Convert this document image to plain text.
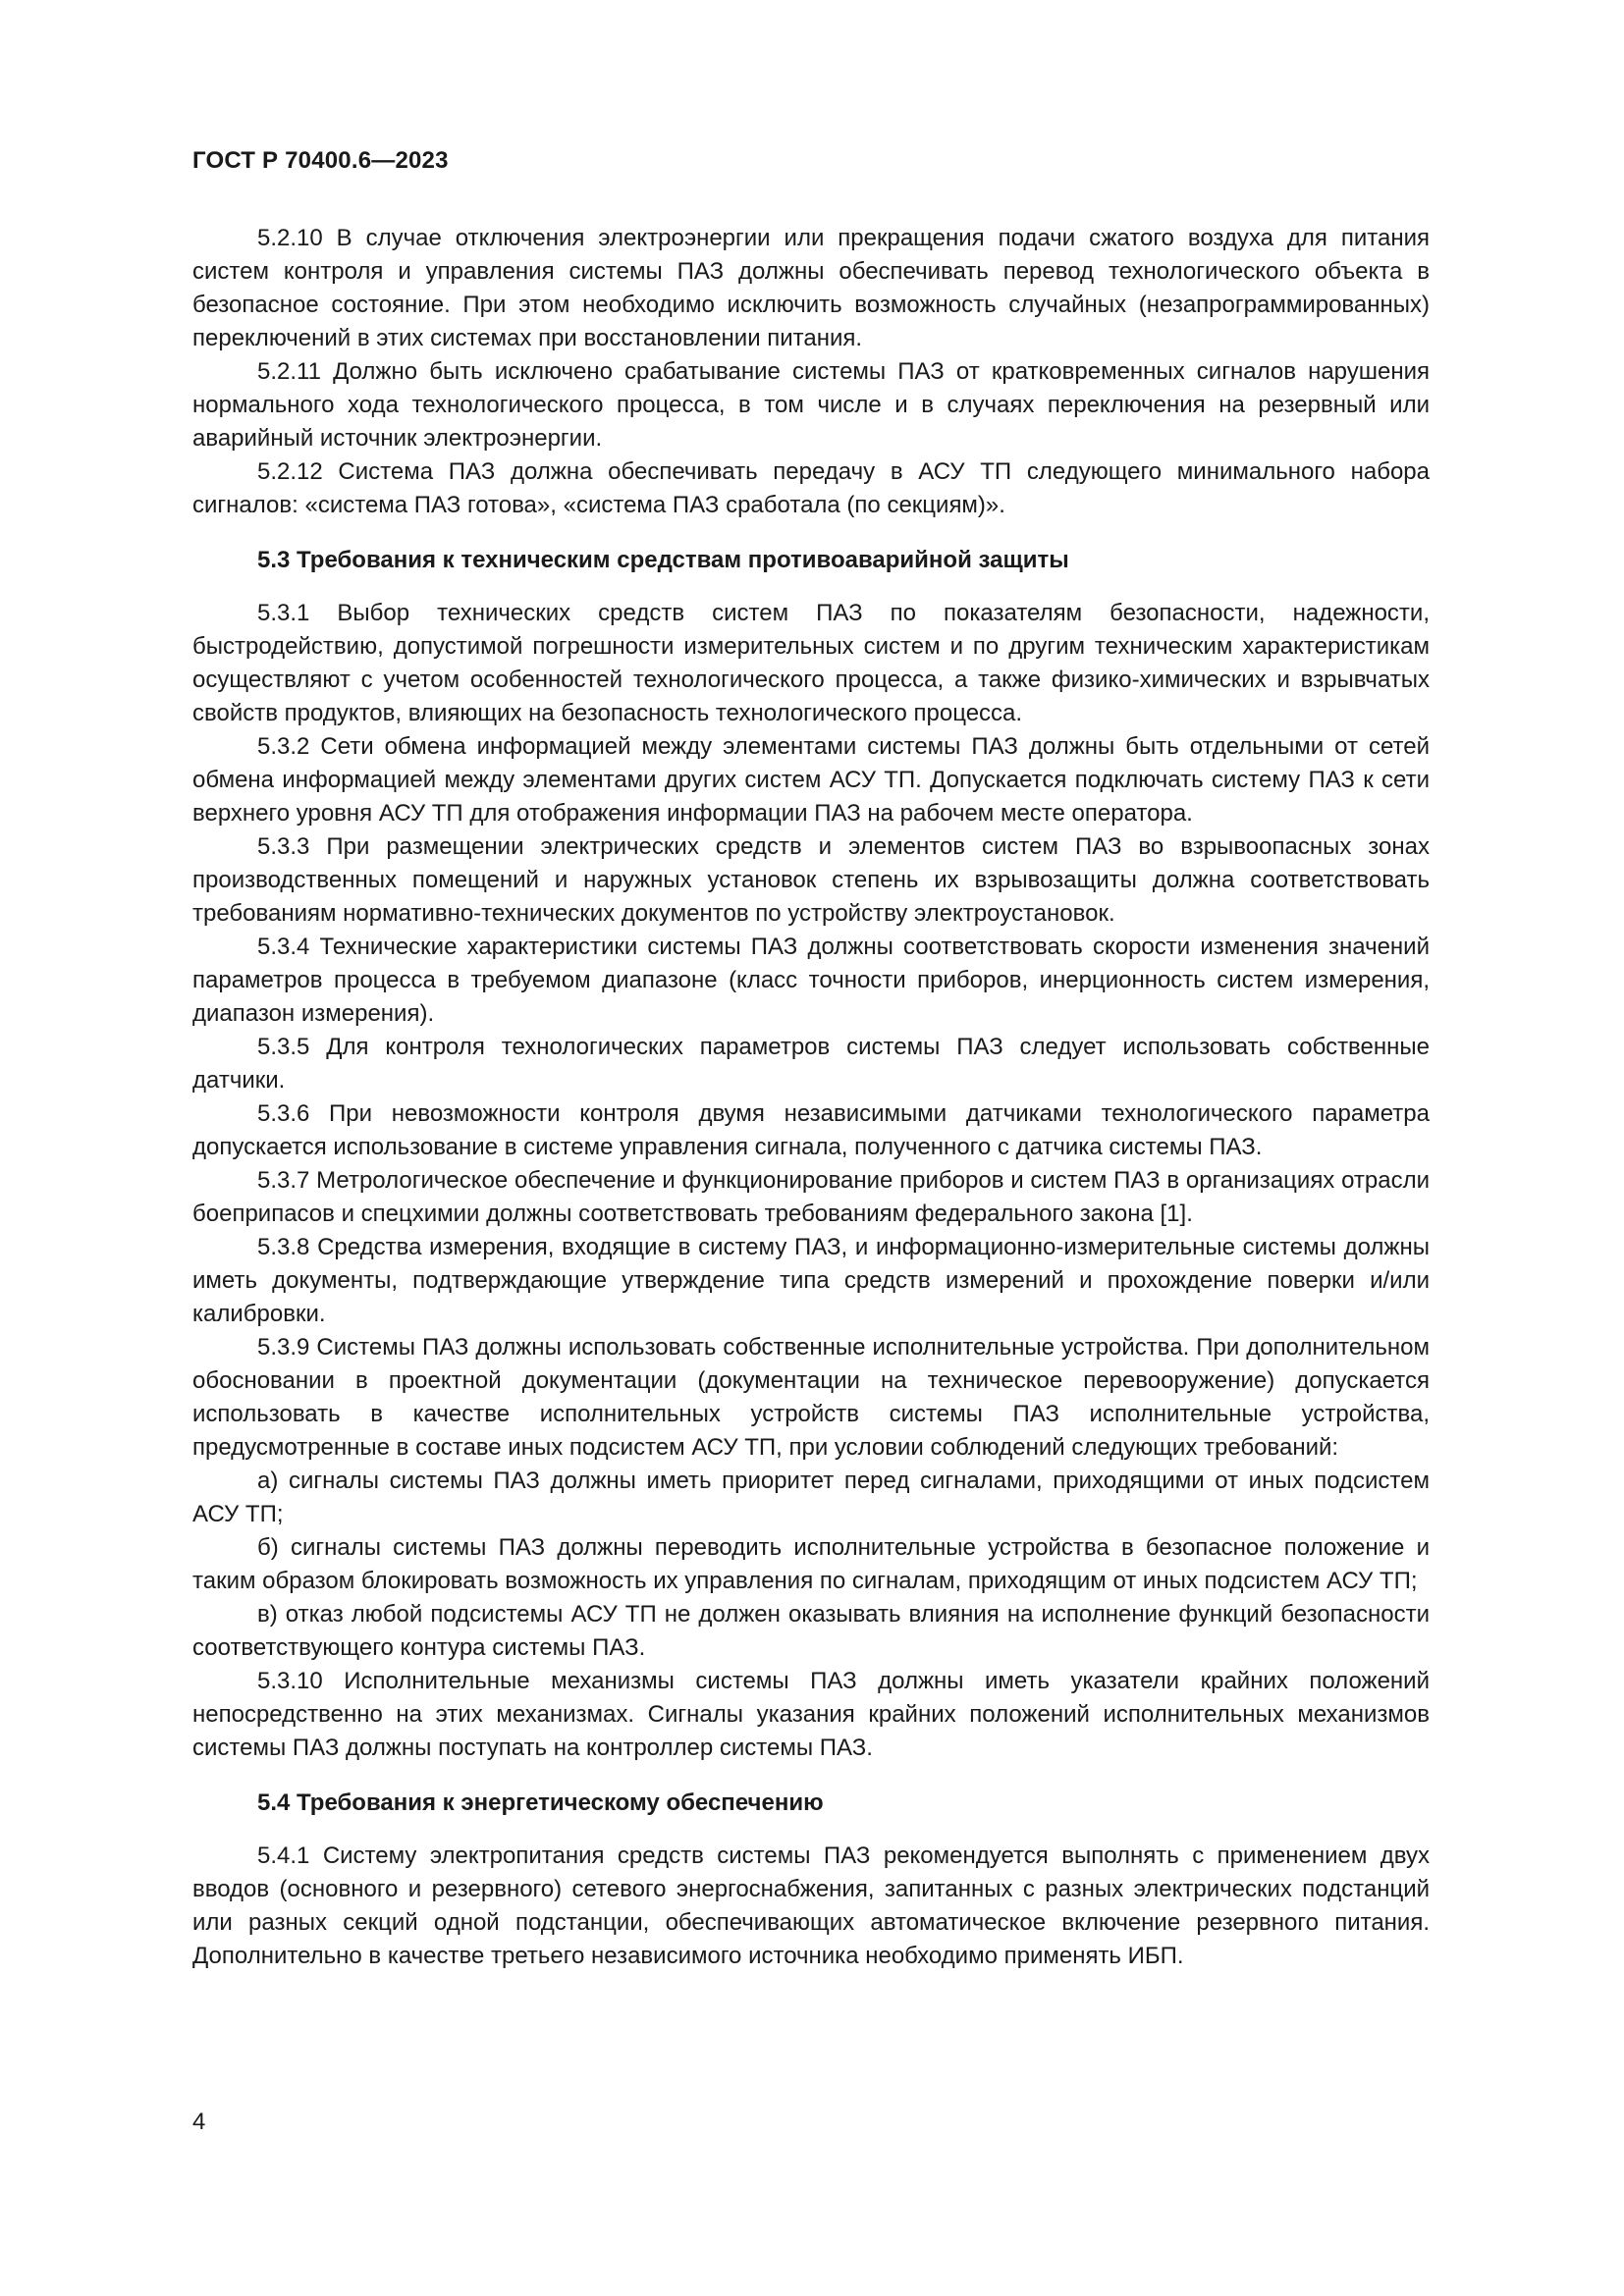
ГОСТ Р 70400.6—2023

5.2.10 В случае отключения электроэнергии или прекращения подачи сжатого воздуха для питания систем контроля и управления системы ПАЗ должны обеспечивать перевод технологического объекта в безопасное состояние. При этом необходимо исключить возможность случайных (незапрограммированных) переключений в этих системах при восстановлении питания.

5.2.11 Должно быть исключено срабатывание системы ПАЗ от кратковременных сигналов нарушения нормального хода технологического процесса, в том числе и в случаях переключения на резервный или аварийный источник электроэнергии.

5.2.12 Система ПАЗ должна обеспечивать передачу в АСУ ТП следующего минимального набора сигналов: «система ПАЗ готова», «система ПАЗ сработала (по секциям)».

5.3 Требования к техническим средствам противоаварийной защиты

5.3.1 Выбор технических средств систем ПАЗ по показателям безопасности, надежности, быстродействию, допустимой погрешности измерительных систем и по другим техническим характеристикам осуществляют с учетом особенностей технологического процесса, а также физико-химических и взрывчатых свойств продуктов, влияющих на безопасность технологического процесса.

5.3.2 Сети обмена информацией между элементами системы ПАЗ должны быть отдельными от сетей обмена информацией между элементами других систем АСУ ТП. Допускается подключать систему ПАЗ к сети верхнего уровня АСУ ТП для отображения информации ПАЗ на рабочем месте оператора.

5.3.3 При размещении электрических средств и элементов систем ПАЗ во взрывоопасных зонах производственных помещений и наружных установок степень их взрывозащиты должна соответствовать требованиям нормативно-технических документов по устройству электроустановок.

5.3.4 Технические характеристики системы ПАЗ должны соответствовать скорости изменения значений параметров процесса в требуемом диапазоне (класс точности приборов, инерционность систем измерения, диапазон измерения).

5.3.5 Для контроля технологических параметров системы ПАЗ следует использовать собственные датчики.

5.3.6 При невозможности контроля двумя независимыми датчиками технологического параметра допускается использование в системе управления сигнала, полученного с датчика системы ПАЗ.

5.3.7 Метрологическое обеспечение и функционирование приборов и систем ПАЗ в организациях отрасли боеприпасов и спецхимии должны соответствовать требованиям федерального закона [1].

5.3.8 Средства измерения, входящие в систему ПАЗ, и информационно-измерительные системы должны иметь документы, подтверждающие утверждение типа средств измерений и прохождение поверки и/или калибровки.

5.3.9 Системы ПАЗ должны использовать собственные исполнительные устройства. При дополнительном обосновании в проектной документации (документации на техническое перевооружение) допускается использовать в качестве исполнительных устройств системы ПАЗ исполнительные устройства, предусмотренные в составе иных подсистем АСУ ТП, при условии соблюдений следующих требований:

а) сигналы системы ПАЗ должны иметь приоритет перед сигналами, приходящими от иных подсистем АСУ ТП;

б) сигналы системы ПАЗ должны переводить исполнительные устройства в безопасное положение и таким образом блокировать возможность их управления по сигналам, приходящим от иных подсистем АСУ ТП;

в) отказ любой подсистемы АСУ ТП не должен оказывать влияния на исполнение функций безопасности соответствующего контура системы ПАЗ.

5.3.10 Исполнительные механизмы системы ПАЗ должны иметь указатели крайних положений непосредственно на этих механизмах. Сигналы указания крайних положений исполнительных механизмов системы ПАЗ должны поступать на контроллер системы ПАЗ.

5.4 Требования к энергетическому обеспечению

5.4.1 Систему электропитания средств системы ПАЗ рекомендуется выполнять с применением двух вводов (основного и резервного) сетевого энергоснабжения, запитанных с разных электрических подстанций или разных секций одной подстанции, обеспечивающих автоматическое включение резервного питания. Дополнительно в качестве третьего независимого источника необходимо применять ИБП.

4
